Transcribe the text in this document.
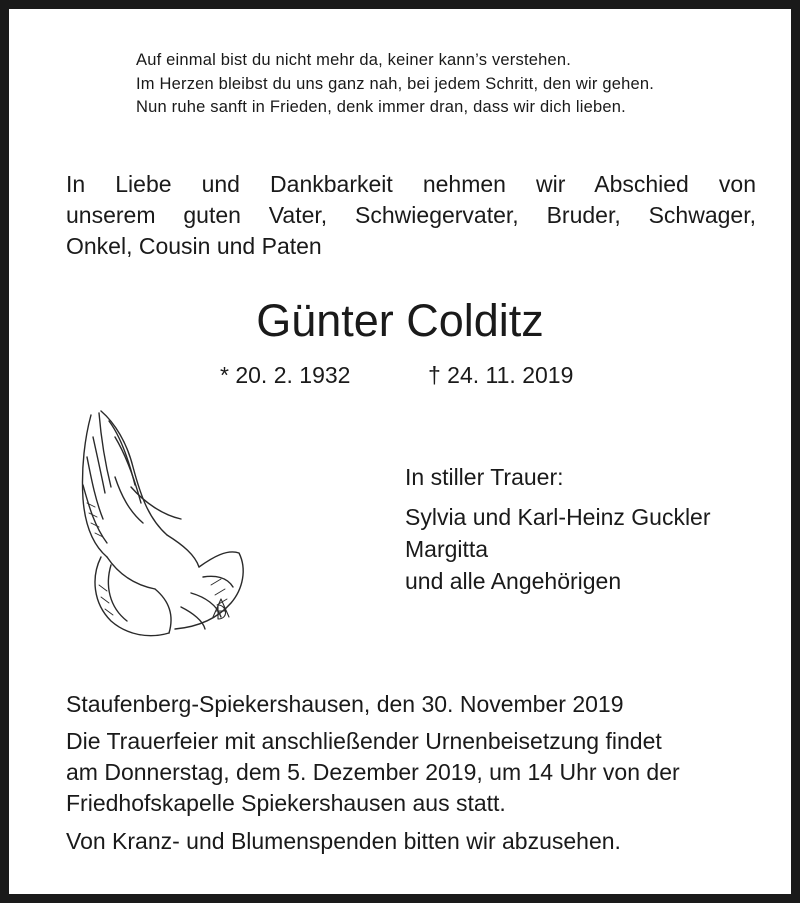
Auf einmal bist du nicht mehr da, keiner kann’s verstehen.
Im Herzen bleibst du uns ganz nah, bei jedem Schritt, den wir gehen.
Nun ruhe sanft in Frieden, denk immer dran, dass wir dich lieben.
In Liebe und Dankbarkeit nehmen wir Abschied von
unserem guten Vater, Schwiegervater, Bruder, Schwager,
Onkel, Cousin und Paten
Günter Colditz
* 20. 2. 1932	† 24. 11. 2019
In stiller Trauer:
Sylvia und Karl-Heinz Guckler
Margitta
und alle Angehörigen
Staufenberg-Spiekershausen, den 30. November 2019
Die Trauerfeier mit anschließender Urnenbeisetzung findet
am Donnerstag, dem 5. Dezember 2019, um 14 Uhr von der
Friedhofskapelle Spiekershausen aus statt.
Von Kranz- und Blumenspenden bitten wir abzusehen.
